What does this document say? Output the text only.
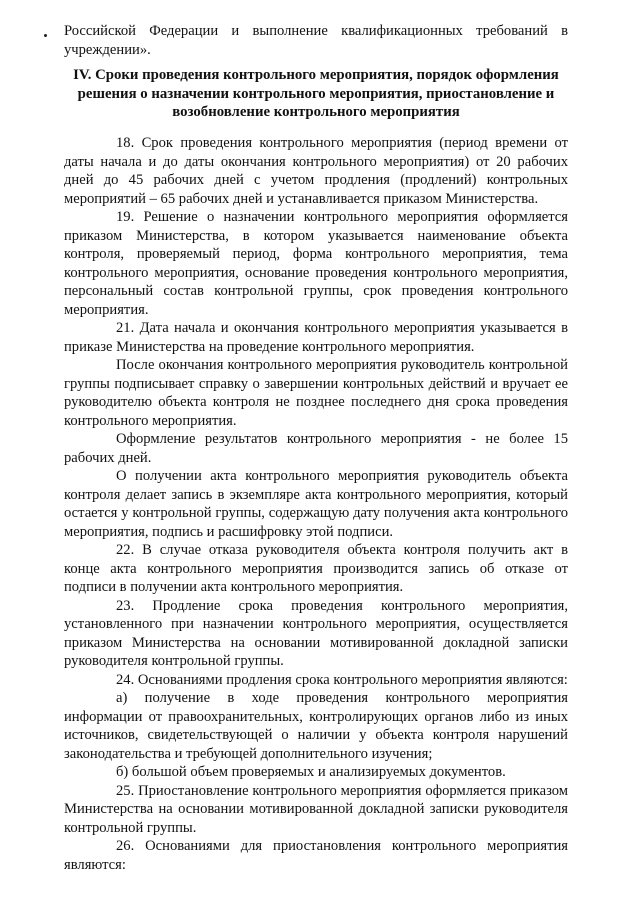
Российской Федерации и выполнение квалификационных требований в учреждении».
IV. Сроки проведения контрольного мероприятия, порядок оформления решения о назначении контрольного мероприятия, приостановление и возобновление контрольного мероприятия

18. Срок проведения контрольного мероприятия (период времени от даты начала и до даты окончания контрольного мероприятия) от 20 рабочих дней до 45 рабочих дней с учетом продления (продлений) контрольных мероприятий – 65 рабочих дней и устанавливается приказом Министерства.

19. Решение о назначении контрольного мероприятия оформляется приказом Министерства, в котором указывается наименование объекта контроля, проверяемый период, форма контрольного мероприятия, тема контрольного мероприятия, основание проведения контрольного мероприятия, персональный состав контрольной группы, срок проведения контрольного мероприятия.

21. Дата начала и окончания контрольного мероприятия указывается в приказе Министерства на проведение контрольного мероприятия.

После окончания контрольного мероприятия руководитель контрольной группы подписывает справку о завершении контрольных действий и вручает ее руководителю объекта контроля не позднее последнего дня срока проведения контрольного мероприятия.

Оформление результатов контрольного мероприятия - не более 15 рабочих дней.

О получении акта контрольного мероприятия руководитель объекта контроля делает запись в экземпляре акта контрольного мероприятия, который остается у контрольной группы, содержащую дату получения акта контрольного мероприятия, подпись и расшифровку этой подписи.

22. В случае отказа руководителя объекта контроля получить акт в конце акта контрольного мероприятия производится запись об отказе от подписи в получении акта контрольного мероприятия.

23. Продление срока проведения контрольного мероприятия, установленного при назначении контрольного мероприятия, осуществляется приказом Министерства на основании мотивированной докладной записки руководителя контрольной группы.

24. Основаниями продления срока контрольного мероприятия являются:

а) получение в ходе проведения контрольного мероприятия информации от правоохранительных, контролирующих органов либо из иных источников, свидетельствующей о наличии у объекта контроля нарушений законодательства и требующей дополнительного изучения;

б) большой объем проверяемых и анализируемых документов.

25. Приостановление контрольного мероприятия оформляется приказом Министерства на основании мотивированной докладной записки руководителя контрольной группы.

26. Основаниями для приостановления контрольного мероприятия являются:
